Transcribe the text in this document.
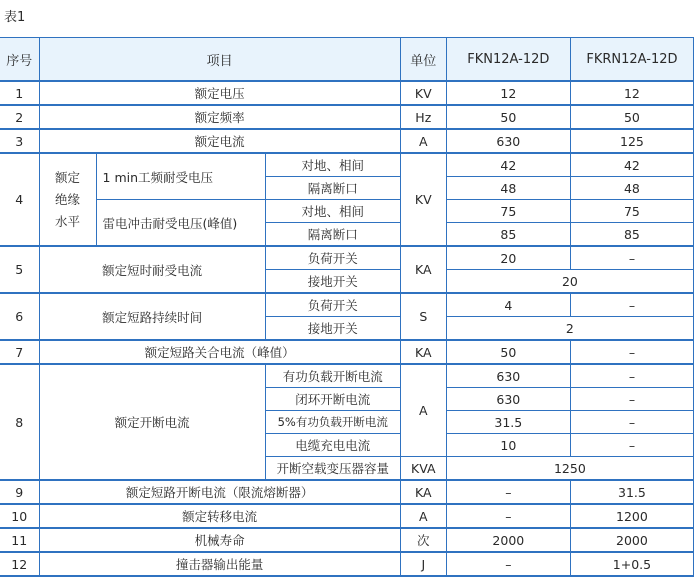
表1
序号	项目			单位	FKN12A-12D	FKRN12A-12D
1	额定电压			KV	12	12
2	额定频率			Hz	50	50
3	额定电流			A	630	125
4	额定绝缘水平	1 min工频耐受电压	对地、相间	KV	42	42
			隔离断口		48	48
		雷电冲击耐受电压(峰值)	对地、相间		75	75
			隔离断口		85	85
5	额定短时耐受电流		负荷开关	KA	20	–
			接地开关		20	
6	额定短路持续时间		负荷开关	S	4	–
			接地开关		2	
7	额定短路关合电流（峰值）			KA	50	–
8	额定开断电流		有功负载开断电流	A	630	–
			闭环开断电流		630	–
			5%有功负载开断电流		31.5	–
			电缆充电电流		10	–
			开断空载变压器容量	KVA	1250	
9	额定短路开断电流（限流熔断器）			KA	–	31.5
10	额定转移电流			A	–	1200
11	机械寿命			次	2000	2000
12	撞击器输出能量			J	–	1+0.5
